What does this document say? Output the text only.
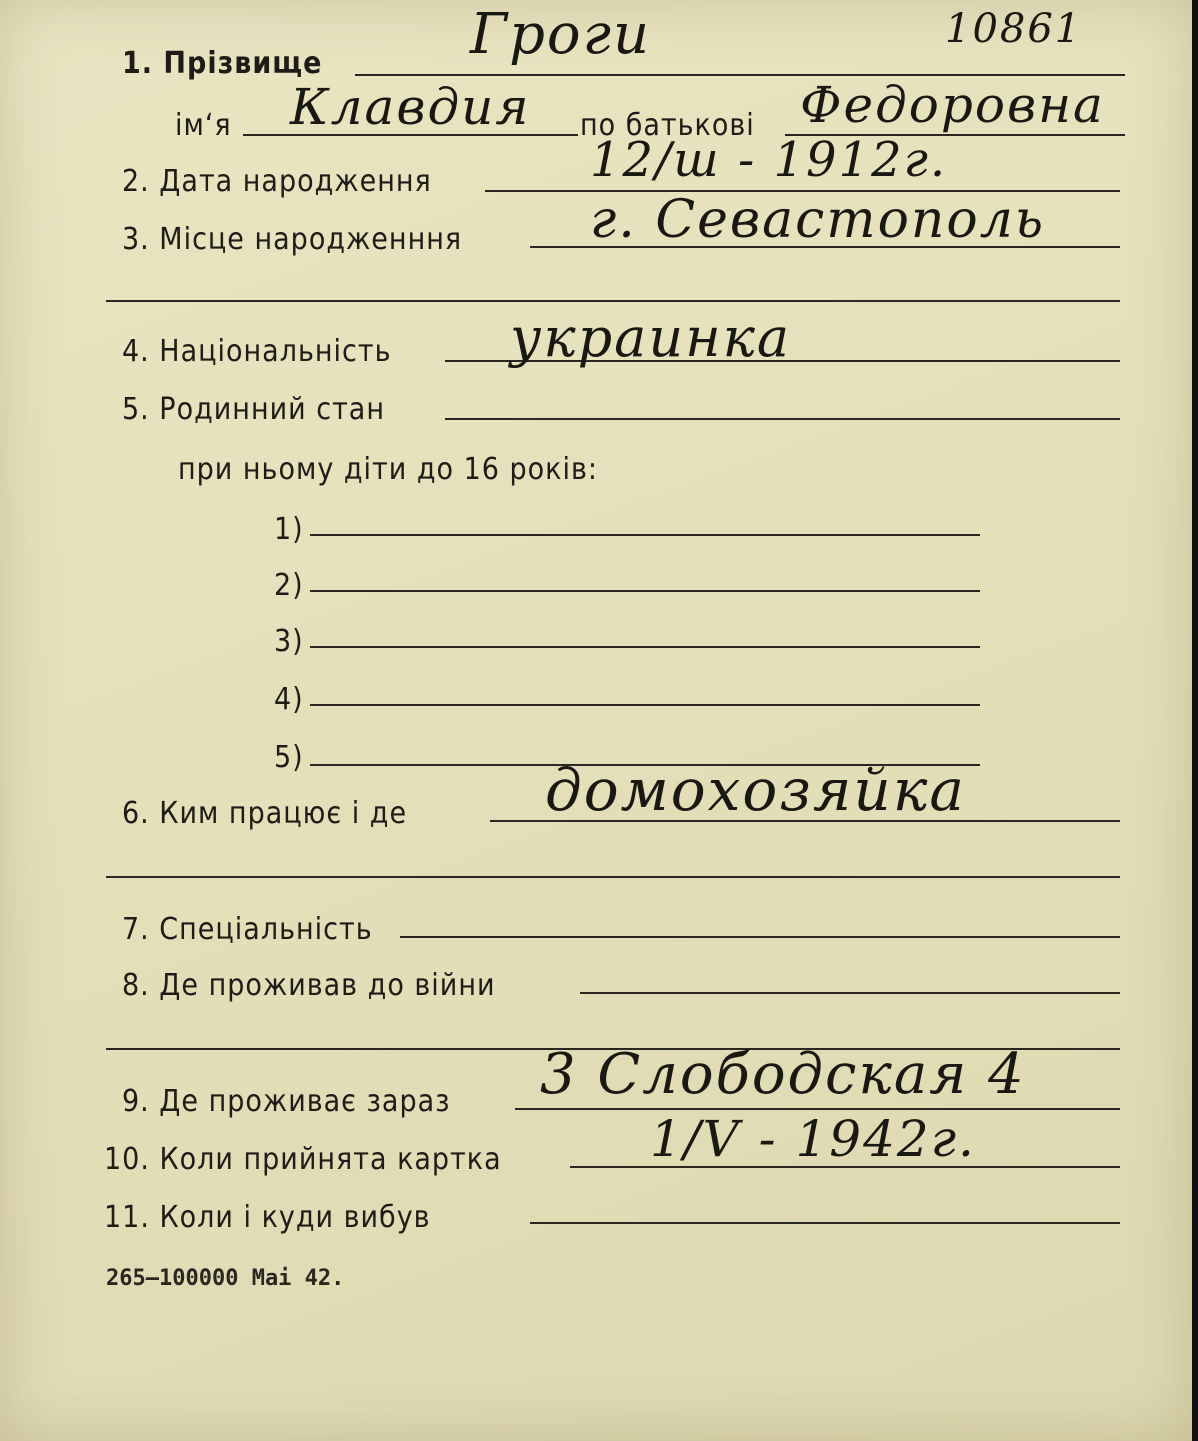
1. Прізвище	Гроги	10861
ім‘я Клавдия по батькові Федоровна
2. Дата народження	12/ш - 1912г.
3. Місце народженння г. Севастополь
4. Національність украинка
5. Родинний стан
при ньому діти до 16 років:
1)
2)
3)
4)
5)
6. Ким працює і де домохозяйка
7. Спеціальність
8. Де проживав до війни
9. Де проживає зараз 3 Слободская 4
10. Коли прийнята картка	1/V - 1942г.
11. Коли і куди вибув
265—100000 Mai 42.
